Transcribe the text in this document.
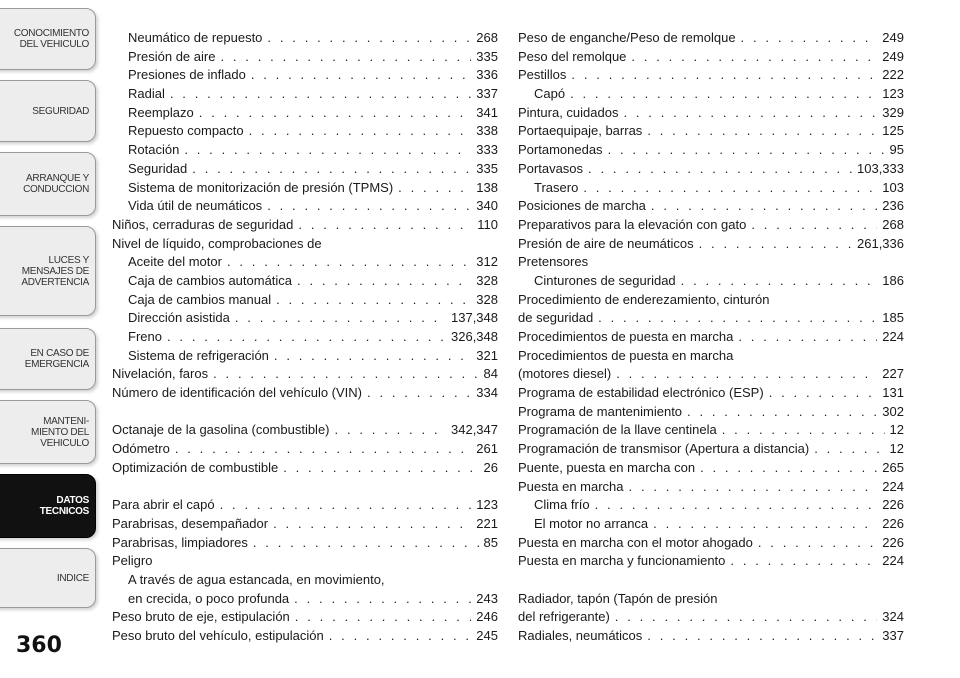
CONOCIMIENTO
DEL VEHICULO
SEGURIDAD
ARRANQUE Y
CONDUCCION
LUCES Y
MENSAJES DE
ADVERTENCIA
EN CASO DE
EMERGENCIA
MANTENI-
MIENTO DEL
VEHICULO
DATOS
TECNICOS
INDICE
360
Neumático de repuesto . . .	268
Presión de aire . . .	335
Presiones de inflado . . .	336
Radial . . .	337
Reemplazo . . .	341
Repuesto compacto . . .	338
Rotación . . .	333
Seguridad . . .	335
Sistema de monitorización de presión (TPMS) . . .	138
Vida útil de neumáticos . . .	340
Niños, cerraduras de seguridad . . .	110
Nivel de líquido, comprobaciones de
Aceite del motor . . .	312
Caja de cambios automática . . .	328
Caja de cambios manual . . .	328
Dirección asistida . . .	137,348
Freno . . .	326,348
Sistema de refrigeración . . .	321
Nivelación, faros . . .	84
Número de identificación del vehículo (VIN) . . .	334
Octanaje de la gasolina (combustible) . . .	342,347
Odómetro . . .	261
Optimización de combustible . . .	26
Para abrir el capó . . .	123
Parabrisas, desempañador . . .	221
Parabrisas, limpiadores . . .	85
Peligro
A través de agua estancada, en movimiento,
en crecida, o poco profunda . . .	243
Peso bruto de eje, estipulación . . .	246
Peso bruto del vehículo, estipulación . . .	245
Peso de enganche/Peso de remolque . . .	249
Peso del remolque . . .	249
Pestillos . . .	222
Capó . . .	123
Pintura, cuidados . . .	329
Portaequipaje, barras . . .	125
Portamonedas . . .	95
Portavasos . . .	103,333
Trasero . . .	103
Posiciones de marcha . . .	236
Preparativos para la elevación con gato . . .	268
Presión de aire de neumáticos . . .	261,336
Pretensores
Cinturones de seguridad . . .	186
Procedimiento de enderezamiento, cinturón
de seguridad . . .	185
Procedimientos de puesta en marcha . . .	224
Procedimientos de puesta en marcha
(motores diesel) . . .	227
Programa de estabilidad electrónico (ESP) . . .	131
Programa de mantenimiento . . .	302
Programación de la llave centinela . . .	12
Programación de transmisor (Apertura a distancia) . . .	12
Puente, puesta en marcha con . . .	265
Puesta en marcha . . .	224
Clima frío . . .	226
El motor no arranca . . .	226
Puesta en marcha con el motor ahogado . . .	226
Puesta en marcha y funcionamiento . . .	224
Radiador, tapón (Tapón de presión
del refrigerante) . . .	324
Radiales, neumáticos . . .	337
